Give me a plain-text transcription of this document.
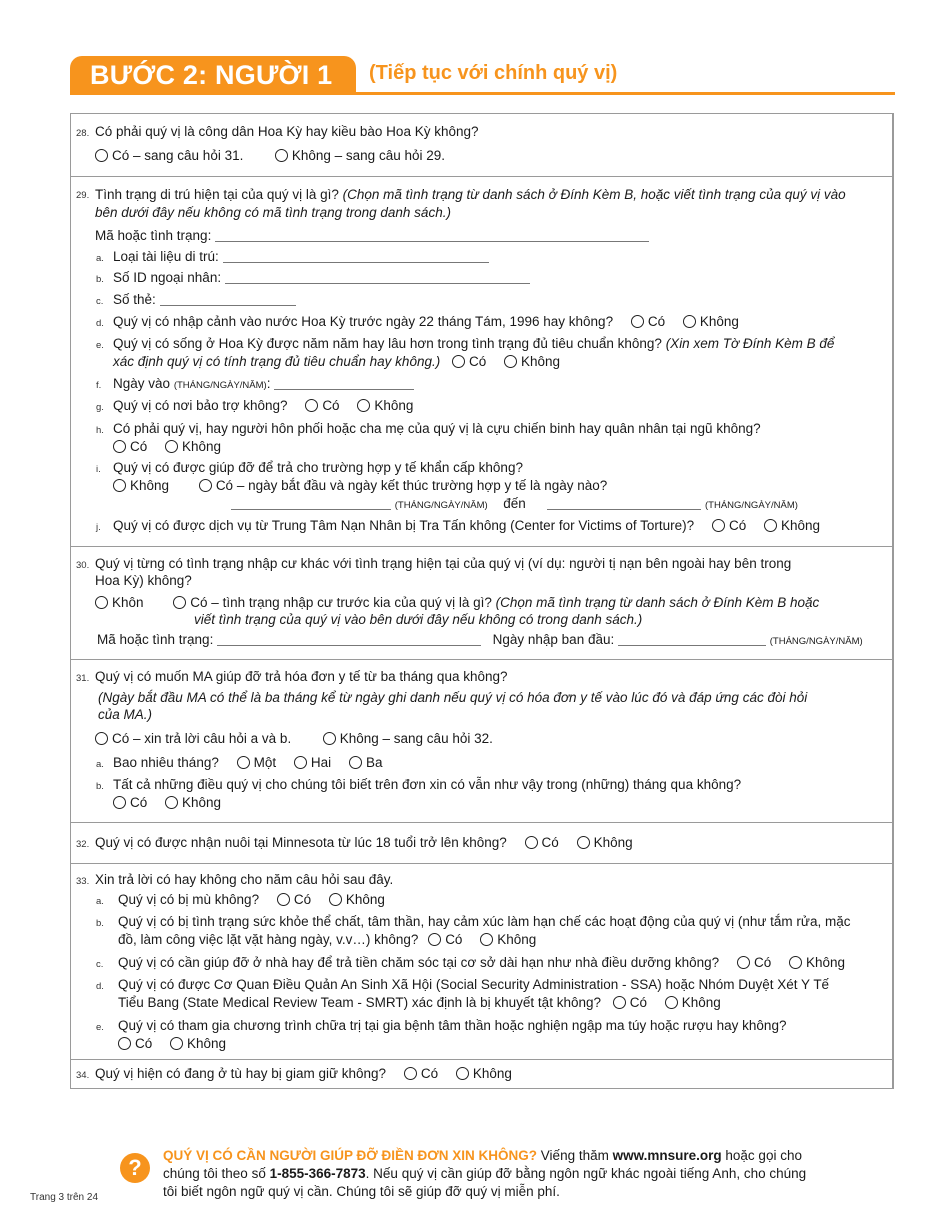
BƯỚC 2: NGƯỜI 1 (Tiếp tục với chính quý vị)
28. Có phải quý vị là công dân Hoa Kỳ hay kiều bào Hoa Kỳ không?
Có – sang câu hỏi 31.	Không – sang câu hỏi 29.
29. Tình trạng di trú hiện tại của quý vị là gì? (Chọn mã tình trạng từ danh sách ở Đính Kèm B, hoặc viết tình trạng của quý vị vào
bên dưới đây nếu không có mã tình trạng trong danh sách.)
Mã hoặc tình trạng:
a. Loại tài liệu di trú:
b. Số ID ngoại nhân:
c. Số thẻ:
d. Quý vị có nhập cảnh vào nước Hoa Kỳ trước ngày 22 tháng Tám, 1996 hay không?	Có	Không
e. Quý vị có sống ở Hoa Kỳ được năm năm hay lâu hơn trong tình trạng đủ tiêu chuẩn không? (Xin xem Tờ Đính Kèm B để
xác định quý vị có tính trạng đủ tiêu chuẩn hay không.) Có	Không
f. Ngày vào (THÁNG/NGÀY/NĂM):
g. Quý vị có nơi bảo trợ không?	Có	Không
h. Có phải quý vị, hay người hôn phối hoặc cha mẹ của quý vị là cựu chiến binh hay quân nhân tại ngũ không?
Có	Không
i. Quý vị có được giúp đỡ để trả cho trường hợp y tế khẩn cấp không?
Không	Có – ngày bắt đầu và ngày kết thúc trường hợp y tế là ngày nào?
(THÁNG/NGÀY/NĂM) đến	(THÁNG/NGÀY/NĂM)
j. Quý vị có được dịch vụ từ Trung Tâm Nạn Nhân bị Tra Tấn không (Center for Victims of Torture)?	Có	Không
30. Quý vị từng có tình trạng nhập cư khác với tình trạng hiện tại của quý vị (ví dụ: người tị nạn bên ngoài hay bên trong
Hoa Kỳ) không?
Khôn	Có – tình trạng nhập cư trước kia của quý vị là gì? (Chọn mã tình trạng từ danh sách ở Đính Kèm B hoặc
viết tình trạng của quý vị vào bên dưới đây nếu không có trong danh sách.)
Mã hoặc tình trạng:	Ngày nhập ban đầu:	(THÁNG/NGÀY/NĂM)
31. Quý vị có muốn MA giúp đỡ trả hóa đơn y tế từ ba tháng qua không?
(Ngày bắt đầu MA có thể là ba tháng kể từ ngày ghi danh nếu quý vị có hóa đơn y tế vào lúc đó và đáp ứng các đòi hỏi
của MA.)
Có – xin trả lời câu hỏi a và b.	Không – sang câu hỏi 32.
a. Bao nhiêu tháng?	Một	Hai	Ba
b. Tất cả những điều quý vị cho chúng tôi biết trên đơn xin có vẫn như vậy trong (những) tháng qua không?
Có	Không
32. Quý vị có được nhận nuôi tại Minnesota từ lúc 18 tuổi trở lên không?	Có	Không
33. Xin trả lời có hay không cho năm câu hỏi sau đây.
a. Quý vị có bị mù không?	Có	Không
b. Quý vị có bị tình trạng sức khỏe thể chất, tâm thần, hay cảm xúc làm hạn chế các hoạt động của quý vị (như tắm rửa, mặc
đồ, làm công việc lặt vặt hàng ngày, v.v…) không? Có	Không
c. Quý vị có cần giúp đỡ ở nhà hay để trả tiền chăm sóc tại cơ sở dài hạn như nhà điều dưỡng không?	Có	Không
d. Quý vị có được Cơ Quan Điều Quản An Sinh Xã Hội (Social Security Administration - SSA) hoặc Nhóm Duyệt Xét Y Tế
Tiểu Bang (State Medical Review Team - SMRT) xác định là bị khuyết tật không? Có	Không
e. Quý vị có tham gia chương trình chữa trị tại gia bệnh tâm thần hoặc nghiện ngập ma túy hoặc rượu hay không?
Có	Không
34. Quý vị hiện có đang ở tù hay bị giam giữ không?	Có	Không
?	QUÝ VỊ CÓ CẦN NGƯỜI GIÚP ĐỠ ĐIỀN ĐƠN XIN KHÔNG? Viếng thăm www.mnsure.org hoặc gọi cho
chúng tôi theo số 1-855-366-7873. Nếu quý vị cần giúp đỡ bằng ngôn ngữ khác ngoài tiếng Anh, cho chúng
tôi biết ngôn ngữ quý vị cần. Chúng tôi sẽ giúp đỡ quý vị miễn phí.
Trang 3 trên 24
